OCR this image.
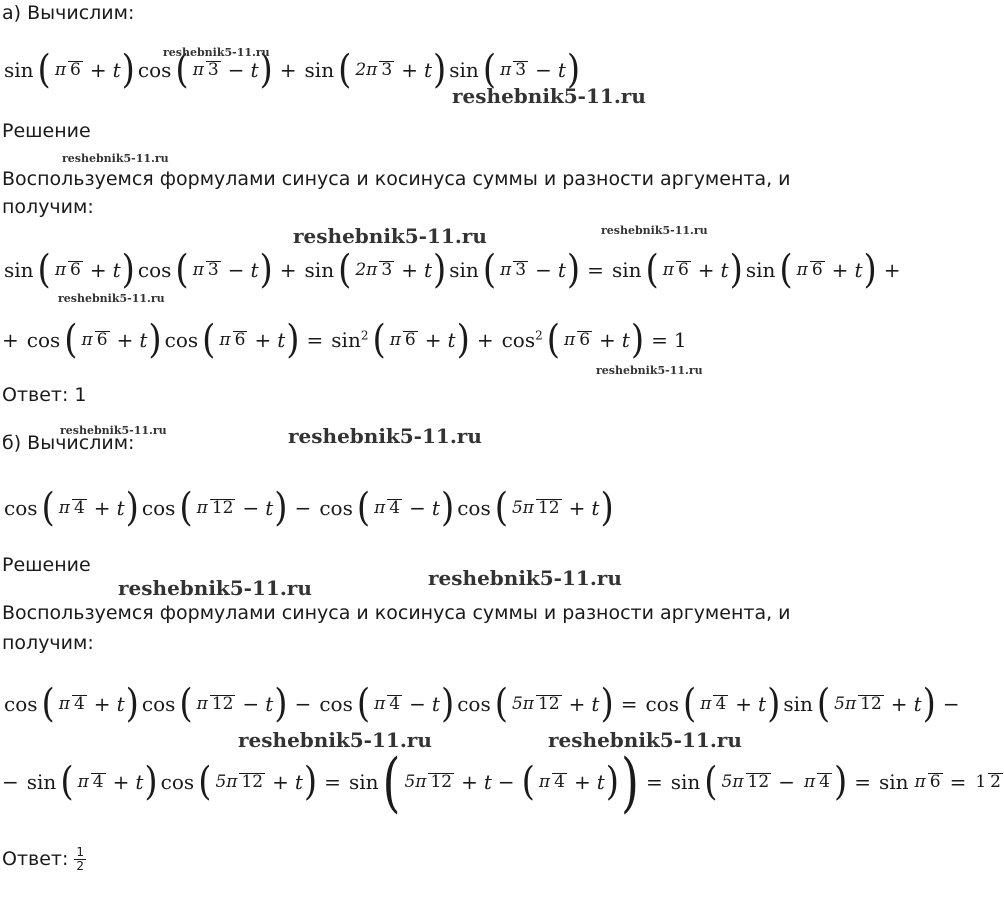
а) Вычислим:
sin ( π 6 + t ) cos ( π 3 − t ) + sin ( 2π 3 + t ) sin ( π 3 − t )
Решение
Воспользуемся формулами синуса и косинуса суммы и разности аргумента, и
получим:
sin ( π 6 + t ) cos ( π 3 − t ) + sin ( 2π 3 + t ) sin ( π 3 − t ) = sin ( π 6 + t ) sin ( π 6 + t ) +
+ cos ( π 6 + t ) cos ( π 6 + t ) = $\sin^2$ ( π 6 + t ) + $\cos^2$ ( π 6 + t ) = 1
Ответ: 1
б) Вычислим:
cos ( π 4 + t ) cos ( π 12 − t ) − cos ( π 4 − t ) cos ( 5π 12 + t )
Решение
Воспользуемся формулами синуса и косинуса суммы и разности аргумента, и
получим:
cos ( π 4 + t ) cos ( π 12 − t ) − cos ( π 4 − t ) cos ( 5π 12 + t ) = cos ( π 4 + t ) sin ( 5π 12 + t ) −
− sin ( π 4 + t ) cos ( 5π 12 + t ) = sin ( 5π 12 + t − ( π 4 + t ) ) = sin ( 5π 12 − π 4 ) = sin π 6 = 1 2
Ответ: $\frac{1}{2}$
reshebnik5-11.ru
reshebnik5-11.ru
reshebnik5-11.ru
reshebnik5-11.ru	reshebnik5-11.ru
reshebnik5-11.ru
reshebnik5-11.ru
reshebnik5-11.ru	reshebnik5-11.ru
reshebnik5-11.ru	reshebnik5-11.ru
reshebnik5-11.ru	reshebnik5-11.ru
